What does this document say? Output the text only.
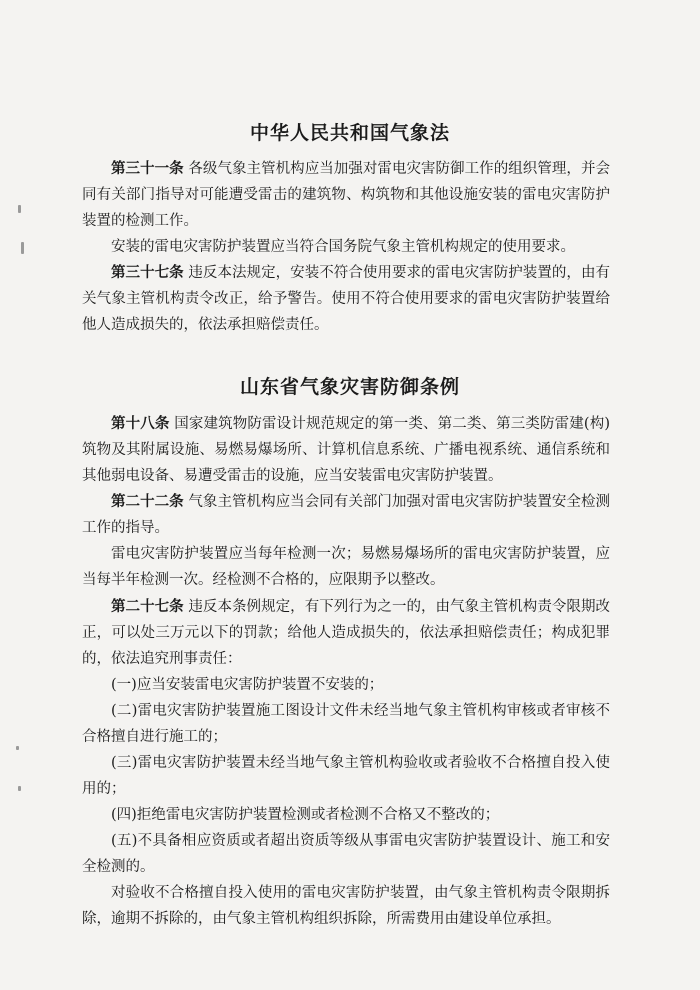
中华人民共和国气象法

第三十一条 各级气象主管机构应当加强对雷电灾害防御工作的组织管理，并会同有关部门指导对可能遭受雷击的建筑物、构筑物和其他设施安装的雷电灾害防护装置的检测工作。

安装的雷电灾害防护装置应当符合国务院气象主管机构规定的使用要求。

第三十七条 违反本法规定，安装不符合使用要求的雷电灾害防护装置的，由有关气象主管机构责令改正，给予警告。使用不符合使用要求的雷电灾害防护装置给他人造成损失的，依法承担赔偿责任。

山东省气象灾害防御条例

第十八条 国家建筑物防雷设计规范规定的第一类、第二类、第三类防雷建(构)筑物及其附属设施、易燃易爆场所、计算机信息系统、广播电视系统、通信系统和其他弱电设备、易遭受雷击的设施，应当安装雷电灾害防护装置。

第二十二条 气象主管机构应当会同有关部门加强对雷电灾害防护装置安全检测工作的指导。

雷电灾害防护装置应当每年检测一次；易燃易爆场所的雷电灾害防护装置，应当每半年检测一次。经检测不合格的，应限期予以整改。

第二十七条 违反本条例规定，有下列行为之一的，由气象主管机构责令限期改正，可以处三万元以下的罚款；给他人造成损失的，依法承担赔偿责任；构成犯罪的，依法追究刑事责任：

(一)应当安装雷电灾害防护装置不安装的；

(二)雷电灾害防护装置施工图设计文件未经当地气象主管机构审核或者审核不合格擅自进行施工的；

(三)雷电灾害防护装置未经当地气象主管机构验收或者验收不合格擅自投入使用的；

(四)拒绝雷电灾害防护装置检测或者检测不合格又不整改的；

(五)不具备相应资质或者超出资质等级从事雷电灾害防护装置设计、施工和安全检测的。

对验收不合格擅自投入使用的雷电灾害防护装置，由气象主管机构责令限期拆除，逾期不拆除的，由气象主管机构组织拆除，所需费用由建设单位承担。
